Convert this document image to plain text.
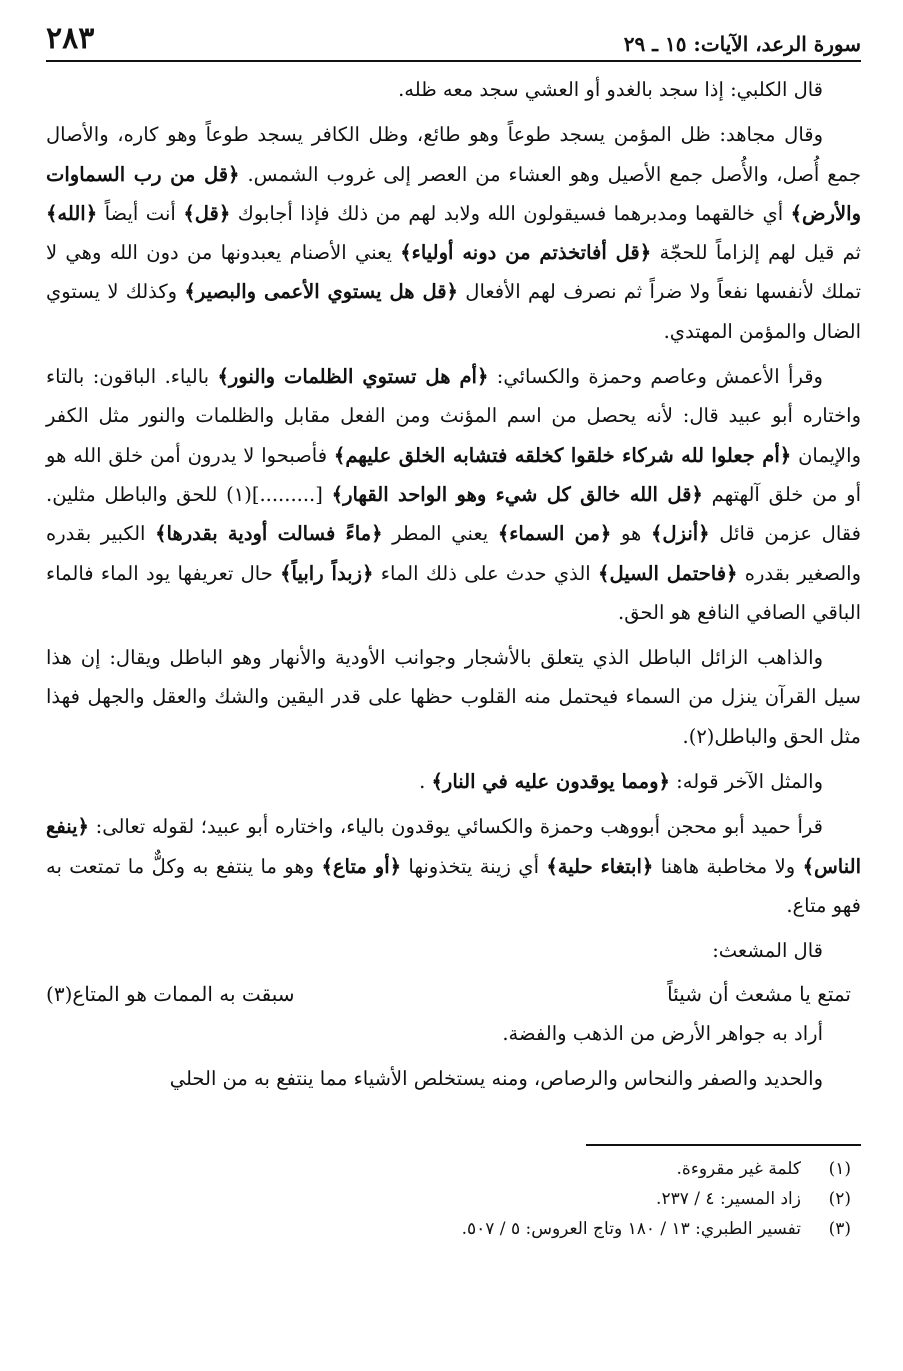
سورة الرعد، الآيات: ١٥ ـ ٢٩
٢٨٣

قال الكلبي: إذا سجد بالغدو أو العشي سجد معه ظله.

وقال مجاهد: ظل المؤمن يسجد طوعاً وهو طائع، وظل الكافر يسجد طوعاً وهو كاره، والأصال جمع أُصل، والأُصل جمع الأصيل وهو العشاء من العصر إلى غروب الشمس. ﴿قل من رب السماوات والأرض﴾ أي خالقهما ومدبرهما فسيقولون الله ولابد لهم من ذلك فإذا أجابوك ﴿قل﴾ أنت أيضاً ﴿الله﴾ ثم قيل لهم إلزاماً للحجّة ﴿قل أفاتخذتم من دونه أولياء﴾ يعني الأصنام يعبدونها من دون الله وهي لا تملك لأنفسها نفعاً ولا ضراً ثم نصرف لهم الأفعال ﴿قل هل يستوي الأعمى والبصير﴾ وكذلك لا يستوي الضال والمؤمن المهتدي.

وقرأ الأعمش وعاصم وحمزة والكسائي: ﴿أم هل تستوي الظلمات والنور﴾ بالياء. الباقون: بالتاء واختاره أبو عبيد قال: لأنه يحصل من اسم المؤنث ومن الفعل مقابل والظلمات والنور مثل الكفر والإيمان ﴿أم جعلوا لله شركاء خلقوا كخلقه فتشابه الخلق عليهم﴾ فأصبحوا لا يدرون أمن خلق الله هو أو من خلق آلهتهم ﴿قل الله خالق كل شيء وهو الواحد القهار﴾ [.........](١) للحق والباطل مثلين. فقال عزمن قائل ﴿أنزل﴾ هو ﴿من السماء﴾ يعني المطر ﴿ماءً فسالت أودية بقدرها﴾ الكبير بقدره والصغير بقدره ﴿فاحتمل السيل﴾ الذي حدث على ذلك الماء ﴿زبداً رابياً﴾ حال تعريفها يود الماء فالماء الباقي الصافي النافع هو الحق.

والذاهب الزائل الباطل الذي يتعلق بالأشجار وجوانب الأودية والأنهار وهو الباطل ويقال: إن هذا سيل القرآن ينزل من السماء فيحتمل منه القلوب حظها على قدر اليقين والشك والعقل والجهل فهذا مثل الحق والباطل(٢).

والمثل الآخر قوله: ﴿ومما يوقدون عليه في النار﴾ .

قرأ حميد أبو محجن أبووهب وحمزة والكسائي يوقدون بالياء، واختاره أبو عبيد؛ لقوله تعالى: ﴿ينفع الناس﴾ ولا مخاطبة هاهنا ﴿ابتغاء حلية﴾ أي زينة يتخذونها ﴿أو متاع﴾ وهو ما ينتفع به وكلٌّ ما تمتعت به فهو متاع.

قال المشعث:

تمتع يا مشعث أن شيئاً
سبقت به الممات هو المتاع(٣)

أراد به جواهر الأرض من الذهب والفضة.

والحديد والصفر والنحاس والرصاص، ومنه يستخلص الأشياء مما ينتفع به من الحلي

(١)
كلمة غير مقروءة.
(٢)
زاد المسير: ٤ / ٢٣٧.
(٣)
تفسير الطبري: ١٣ / ١٨٠ وتاج العروس: ٥ / ٥٠٧.
